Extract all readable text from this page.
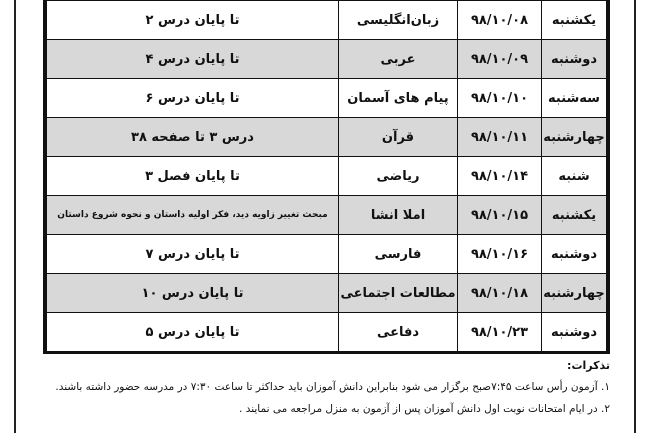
یکشنبه	۹۸/۱۰/۰۸	زبان‌انگلیسی	تا پایان درس ۲
دوشنبه	۹۸/۱۰/۰۹	عربی	تا پایان درس ۴
سه‌شنبه	۹۸/۱۰/۱۰	پیام های آسمان	تا پایان درس ۶
چهارشنبه	۹۸/۱۰/۱۱	قرآن	درس ۳ تا صفحه ۳۸
شنبه	۹۸/۱۰/۱۴	ریاضی	تا پایان فصل ۳
یکشنبه	۹۸/۱۰/۱۵	املا انشا	مبحث تغییر زاویه دید، فکر اولیه داستان و نحوه شروع داستان
دوشنبه	۹۸/۱۰/۱۶	فارسی	تا پایان درس ۷
چهارشنبه	۹۸/۱۰/۱۸	مطالعات اجتماعی	تا پایان درس ۱۰
دوشنبه	۹۸/۱۰/۲۳	دفاعی	تا پایان درس ۵
تذکرات:
۱. آزمون رأس ساعت ۷:۴۵صبح برگزار می شود بنابراین دانش آموزان باید حداکثر تا ساعت ۷:۳۰ در مدرسه حضور داشته باشند.
۲. در ایام امتحانات نوبت اول دانش آموزان پس از آزمون به منزل مراجعه می نمایند .
